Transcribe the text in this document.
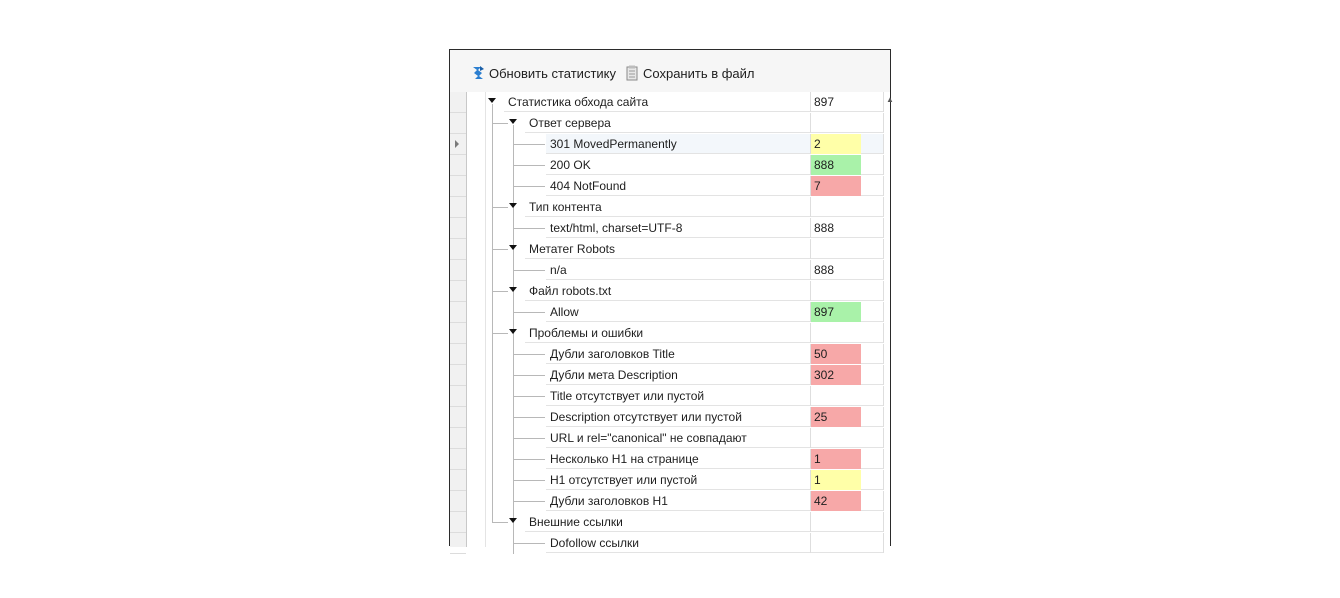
Обновить статистику Сохранить в файл
Статистика обхода сайта	897
Ответ сервера
301 MovedPermanently	2
200 OK	888
404 NotFound	7
Тип контента
text/html, charset=UTF-8	888
Метатег Robots
n/a	888
Файл robots.txt
Allow	897
Проблемы и ошибки
Дубли заголовков Title	50
Дубли мета Description	302
Title отсутствует или пустой
Description отсутствует или пустой	25
URL и rel="canonical" не совпадают
Несколько H1 на странице	1
H1 отсутствует или пустой	1
Дубли заголовков H1	42
Внешние ссылки
Dofollow ссылки
▲
